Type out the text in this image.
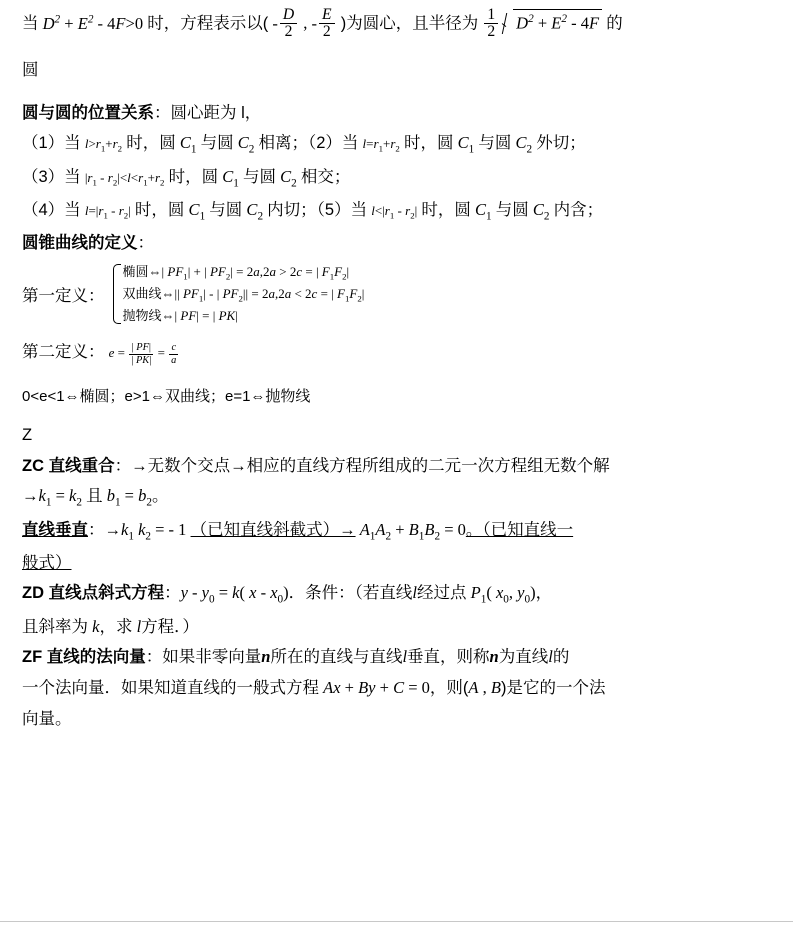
当 $D^2 + E^2 - 4F>0$ 时，方程表示以( - $\frac{D}{2}$ , - $\frac{E}{2}$ )为圆心，且半径为 $\frac{1}{2} D^2 + E^2 - 4F$ 的
圆
圆与圆的位置关系：圆心距为 l，
（1）当 $l>r_1+r_2$ 时，圆 $C_1$ 与圆 $C_2$ 相离；（2）当 $l=r_1+r_2$ 时，圆 $C_1$ 与圆 $C_2$ 外切；
（3）当 $|r_1 - r_2|<l<r_1+r_2$ 时，圆 $C_1$ 与圆 $C_2$ 相交；
（4）当 $l=|r_1 - r_2|$ 时，圆 $C_1$ 与圆 $C_2$ 内切；（5）当 $l<|r_1 - r_2|$ 时，圆 $C_1$ 与圆 $C_2$ 内含；
圆锥曲线的定义：
第一定义：
椭圆⇔| $PF_1|$ + | $PF_2| = 2a,2a > 2c$ = | $F_1F_2|$
双曲线⇔|| $PF_1|$ - | $PF_2|| = 2a,2a < 2c$ = | $F_1F_2|$
抛物线⇔| PF| = | PK|
第二定义： $e = \frac{| PF|}{| PK|} = \frac{c}{a}$
0<e<1⇔椭圆；e>1⇔双曲线；e=1⇔抛物线
Z
ZC 直线重合：→无数个交点→相应的直线方程所组成的二元一次方程组无数个解
$\to k_1 = k_2$ 且 $b_1 = b_2$。
直线垂直：$\to k_1$ $k_2$ = - 1 （已知直线斜截式）→ $A_1A_2 + B_1B_2 = 0$。（已知直线一
般式）
ZD 直线点斜式方程：$y - y_0 = k$( x - $x_0$)．条件：（若直线l经过点 $P_1$( $x_0$, $y_0$)，
且斜率为 k，求 l方程．）
ZF 直线的法向量：如果非零向量n所在的直线与直线l垂直，则称n为直线l的
一个法向量．如果知道直线的一般式方程 Ax + By + C = 0，则(A , B)是它的一个法
向量。
